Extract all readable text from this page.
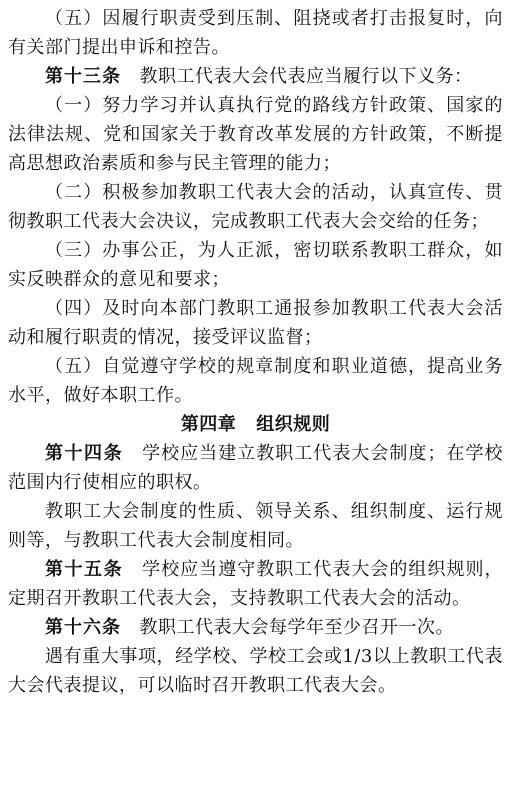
（五）因履行职责受到压制、阻挠或者打击报复时，向有关部门提出申诉和控告。

第十三条  教职工代表大会代表应当履行以下义务：

（一）努力学习并认真执行党的路线方针政策、国家的法律法规、党和国家关于教育改革发展的方针政策，不断提高思想政治素质和参与民主管理的能力；

（二）积极参加教职工代表大会的活动，认真宣传、贯彻教职工代表大会决议，完成教职工代表大会交给的任务；

（三）办事公正，为人正派，密切联系教职工群众，如实反映群众的意见和要求；

（四）及时向本部门教职工通报参加教职工代表大会活动和履行职责的情况，接受评议监督；

（五）自觉遵守学校的规章制度和职业道德，提高业务水平，做好本职工作。

第四章 组织规则

第十四条  学校应当建立教职工代表大会制度；在学校范围内行使相应的职权。

教职工大会制度的性质、领导关系、组织制度、运行规则等，与教职工代表大会制度相同。

第十五条  学校应当遵守教职工代表大会的组织规则，定期召开教职工代表大会，支持教职工代表大会的活动。

第十六条  教职工代表大会每学年至少召开一次。

遇有重大事项，经学校、学校工会或1/3以上教职工代表大会代表提议，可以临时召开教职工代表大会。
